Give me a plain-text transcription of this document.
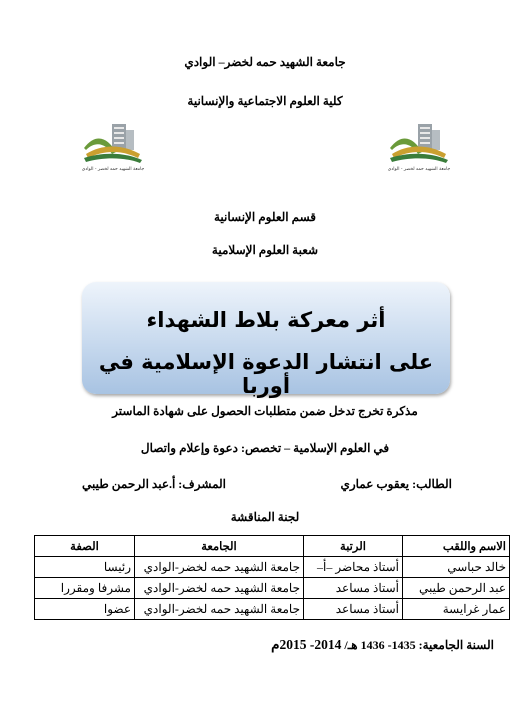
جامعة الشهيد حمه لخضر– الوادي
كلية العلوم الاجتماعية والإنسانية
جامعة الشهيد حمه لخضر - الوادي	جامعة الشهيد حمه لخضر - الوادي
قسم العلوم الإنسانية
شعبة العلوم الإسلامية
أثر معركة بلاط الشهداء
على انتشار الدعوة الإسلامية في أوربا
مذكرة تخرج تدخل ضمن متطلبات الحصول على شهادة الماستر
في العلوم الإسلامية – تخصص: دعوة وإعلام واتصال
الطالب: يعقوب عماري
المشرف: أ.عبد الرحمن طيبي
لجنة المناقشة
الاسم واللقب	الرتبة	الجامعة	الصفة
خالد حباسي	أستاذ محاضر –أ–	جامعة الشهيد حمه لخضر-الوادي	رئيسا
عبد الرحمن طيبي	أستاذ مساعد	جامعة الشهيد حمه لخضر-الوادي	مشرفا ومقررا
عمار غرايسة	أستاذ مساعد	جامعة الشهيد حمه لخضر-الوادي	عضوا
السنة الجامعية: 1435- 1436 هـ/ 2014- 2015م
